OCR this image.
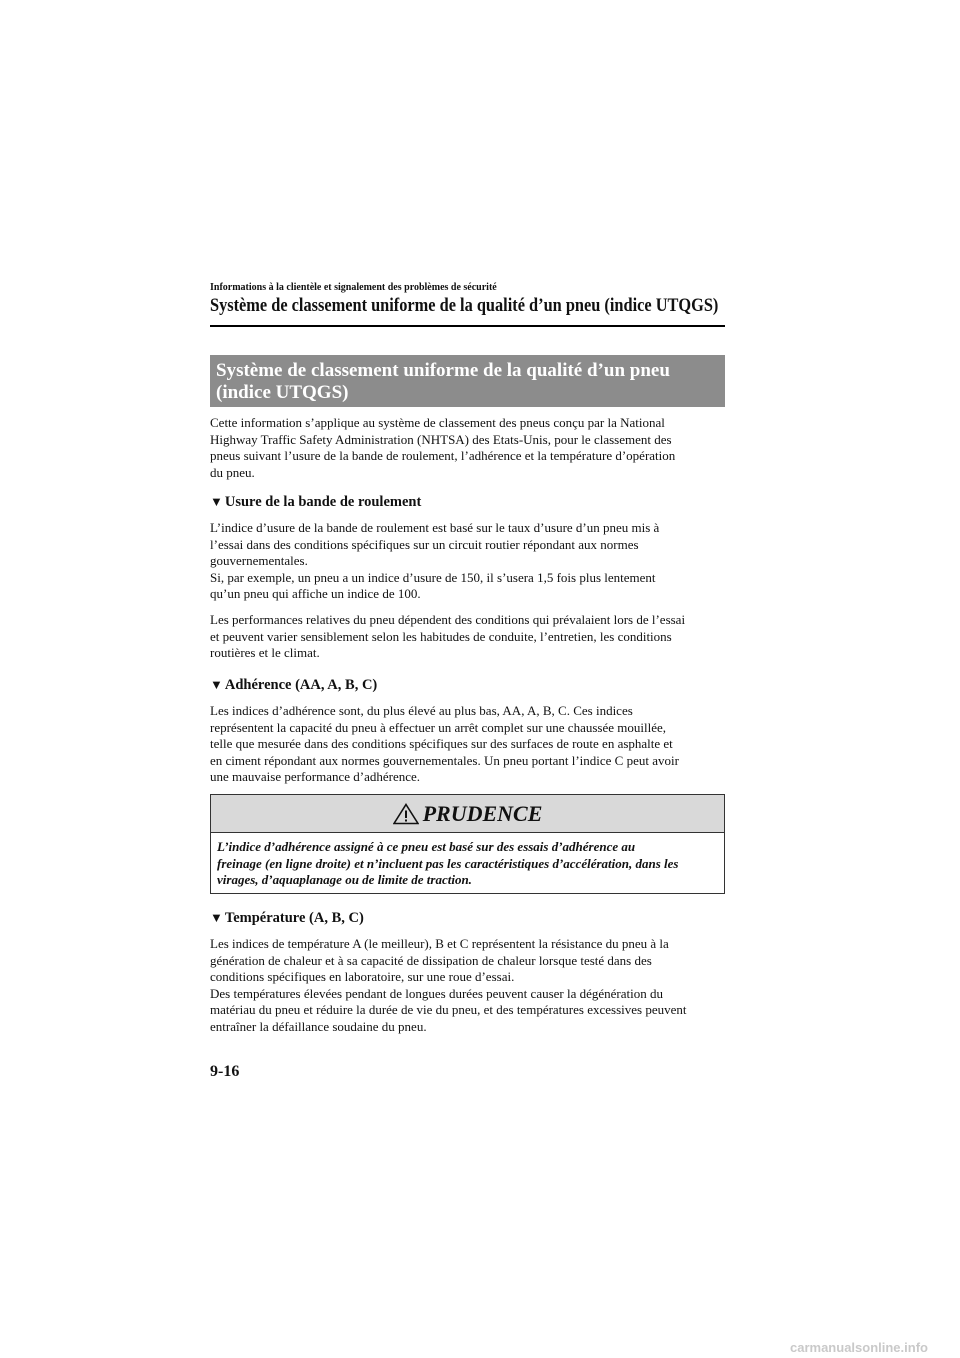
Informations à la clientèle et signalement des problèmes de sécurité
Système de classement uniforme de la qualité d’un pneu (indice UTQGS)
Système de classement uniforme de la qualité d’un pneu
(indice UTQGS)
Cette information s’applique au système de classement des pneus conçu par la National
Highway Traffic Safety Administration (NHTSA) des Etats-Unis, pour le classement des
pneus suivant l’usure de la bande de roulement, l’adhérence et la température d’opération
du pneu.
▼ Usure de la bande de roulement
L’indice d’usure de la bande de roulement est basé sur le taux d’usure d’un pneu mis à
l’essai dans des conditions spécifiques sur un circuit routier répondant aux normes
gouvernementales.
Si, par exemple, un pneu a un indice d’usure de 150, il s’usera 1,5 fois plus lentement
qu’un pneu qui affiche un indice de 100.
Les performances relatives du pneu dépendent des conditions qui prévalaient lors de l’essai
et peuvent varier sensiblement selon les habitudes de conduite, l’entretien, les conditions
routières et le climat.
▼ Adhérence (AA, A, B, C)
Les indices d’adhérence sont, du plus élevé au plus bas, AA, A, B, C. Ces indices
représentent la capacité du pneu à effectuer un arrêt complet sur une chaussée mouillée,
telle que mesurée dans des conditions spécifiques sur des surfaces de route en asphalte et
en ciment répondant aux normes gouvernementales. Un pneu portant l’indice C peut avoir
une mauvaise performance d’adhérence.
PRUDENCE
L’indice d’adhérence assigné à ce pneu est basé sur des essais d’adhérence au
freinage (en ligne droite) et n’incluent pas les caractéristiques d’accélération, dans les
virages, d’aquaplanage ou de limite de traction.
▼ Température (A, B, C)
Les indices de température A (le meilleur), B et C représentent la résistance du pneu à la
génération de chaleur et à sa capacité de dissipation de chaleur lorsque testé dans des
conditions spécifiques en laboratoire, sur une roue d’essai.
Des températures élevées pendant de longues durées peuvent causer la dégénération du
matériau du pneu et réduire la durée de vie du pneu, et des températures excessives peuvent
entraîner la défaillance soudaine du pneu.
9-16
carmanualsonline.info
